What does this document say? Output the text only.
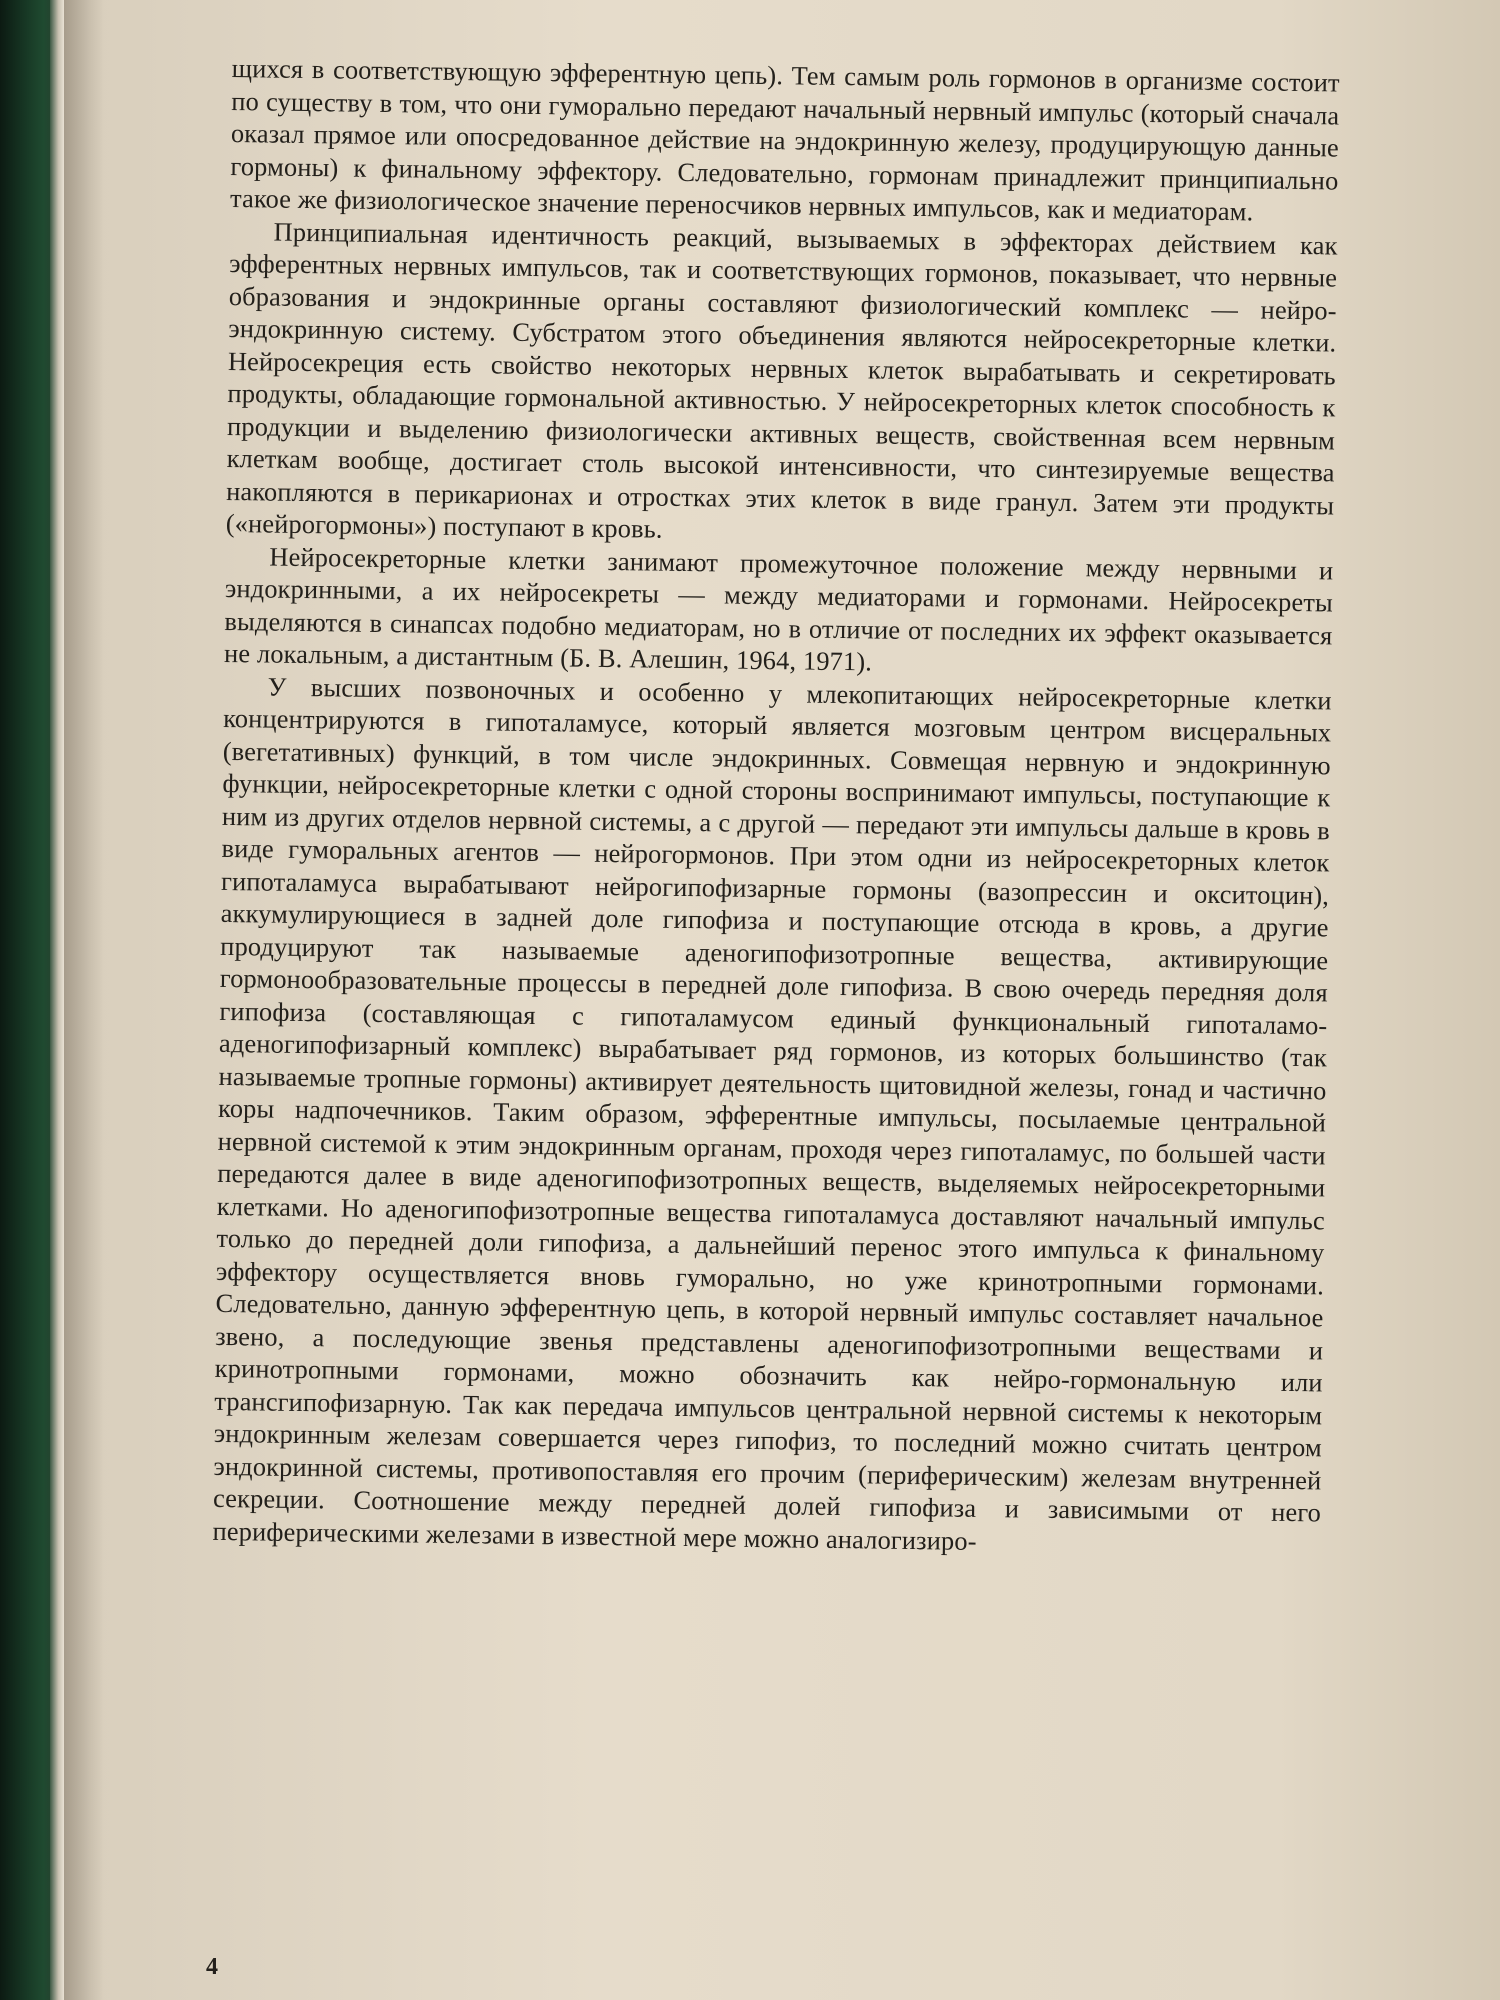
щихся в соответствующую эфферентную цепь). Тем самым роль гормонов в организме состоит по существу в том, что они гуморально передают начальный нервный импульс (который сначала оказал прямое или опосредованное действие на эндокринную железу, продуцирующую данные гормоны) к финальному эффектору. Следовательно, гормонам принадлежит принципиально такое же физиологическое значение переносчиков нервных импульсов, как и медиаторам.

Принципиальная идентичность реакций, вызываемых в эффекторах действием как эфферентных нервных импульсов, так и соответствующих гормонов, показывает, что нервные образования и эндокринные органы составляют физиологический комплекс — нейро-эндокринную систему. Субстратом этого объединения являются нейросекреторные клетки. Нейросекреция есть свойство некоторых нервных клеток вырабатывать и секретировать продукты, обладающие гормональной активностью. У нейросекреторных клеток способность к продукции и выделению физиологически активных веществ, свойственная всем нервным клеткам вообще, достигает столь высокой интенсивности, что синтезируемые вещества накопляются в перикарионах и отростках этих клеток в виде гранул. Затем эти продукты («нейрогормоны») поступают в кровь.

Нейросекреторные клетки занимают промежуточное положение между нервными и эндокринными, а их нейросекреты — между медиаторами и гормонами. Нейросекреты выделяются в синапсах подобно медиаторам, но в отличие от последних их эффект оказывается не локальным, а дистантным (Б. В. Алешин, 1964, 1971).

У высших позвоночных и особенно у млекопитающих нейросекреторные клетки концентрируются в гипоталамусе, который является мозговым центром висцеральных (вегетативных) функций, в том числе эндокринных. Совмещая нервную и эндокринную функции, нейросекреторные клетки с одной стороны воспринимают импульсы, поступающие к ним из других отделов нервной системы, а с другой — передают эти импульсы дальше в кровь в виде гуморальных агентов — нейрогормонов. При этом одни из нейросекреторных клеток гипоталамуса вырабатывают нейрогипофизарные гормоны (вазопрессин и окситоцин), аккумулирующиеся в задней доле гипофиза и поступающие отсюда в кровь, а другие продуцируют так называемые аденогипофизотропные вещества, активирующие гормонообразовательные процессы в передней доле гипофиза. В свою очередь передняя доля гипофиза (составляющая с гипоталамусом единый функциональный гипоталамо-аденогипофизарный комплекс) вырабатывает ряд гормонов, из которых большинство (так называемые тропные гормоны) активирует деятельность щитовидной железы, гонад и частично коры надпочечников. Таким образом, эфферентные импульсы, посылаемые центральной нервной системой к этим эндокринным органам, проходя через гипоталамус, по большей части передаются далее в виде аденогипофизотропных веществ, выделяемых нейросекреторными клетками. Но аденогипофизотропные вещества гипоталамуса доставляют начальный импульс только до передней доли гипофиза, а дальнейший перенос этого импульса к финальному эффектору осуществляется вновь гуморально, но уже кринотропными гормонами. Следовательно, данную эфферентную цепь, в которой нервный импульс составляет начальное звено, а последующие звенья представлены аденогипофизотропными веществами и кринотропными гормонами, можно обозначить как нейро-гормональную или трансгипофизарную. Так как передача импульсов центральной нервной системы к некоторым эндокринным железам совершается через гипофиз, то последний можно считать центром эндокринной системы, противопоставляя его прочим (периферическим) железам внутренней секреции. Соотношение между передней долей гипофиза и зависимыми от него периферическими железами в известной мере можно аналогизиро-

4
